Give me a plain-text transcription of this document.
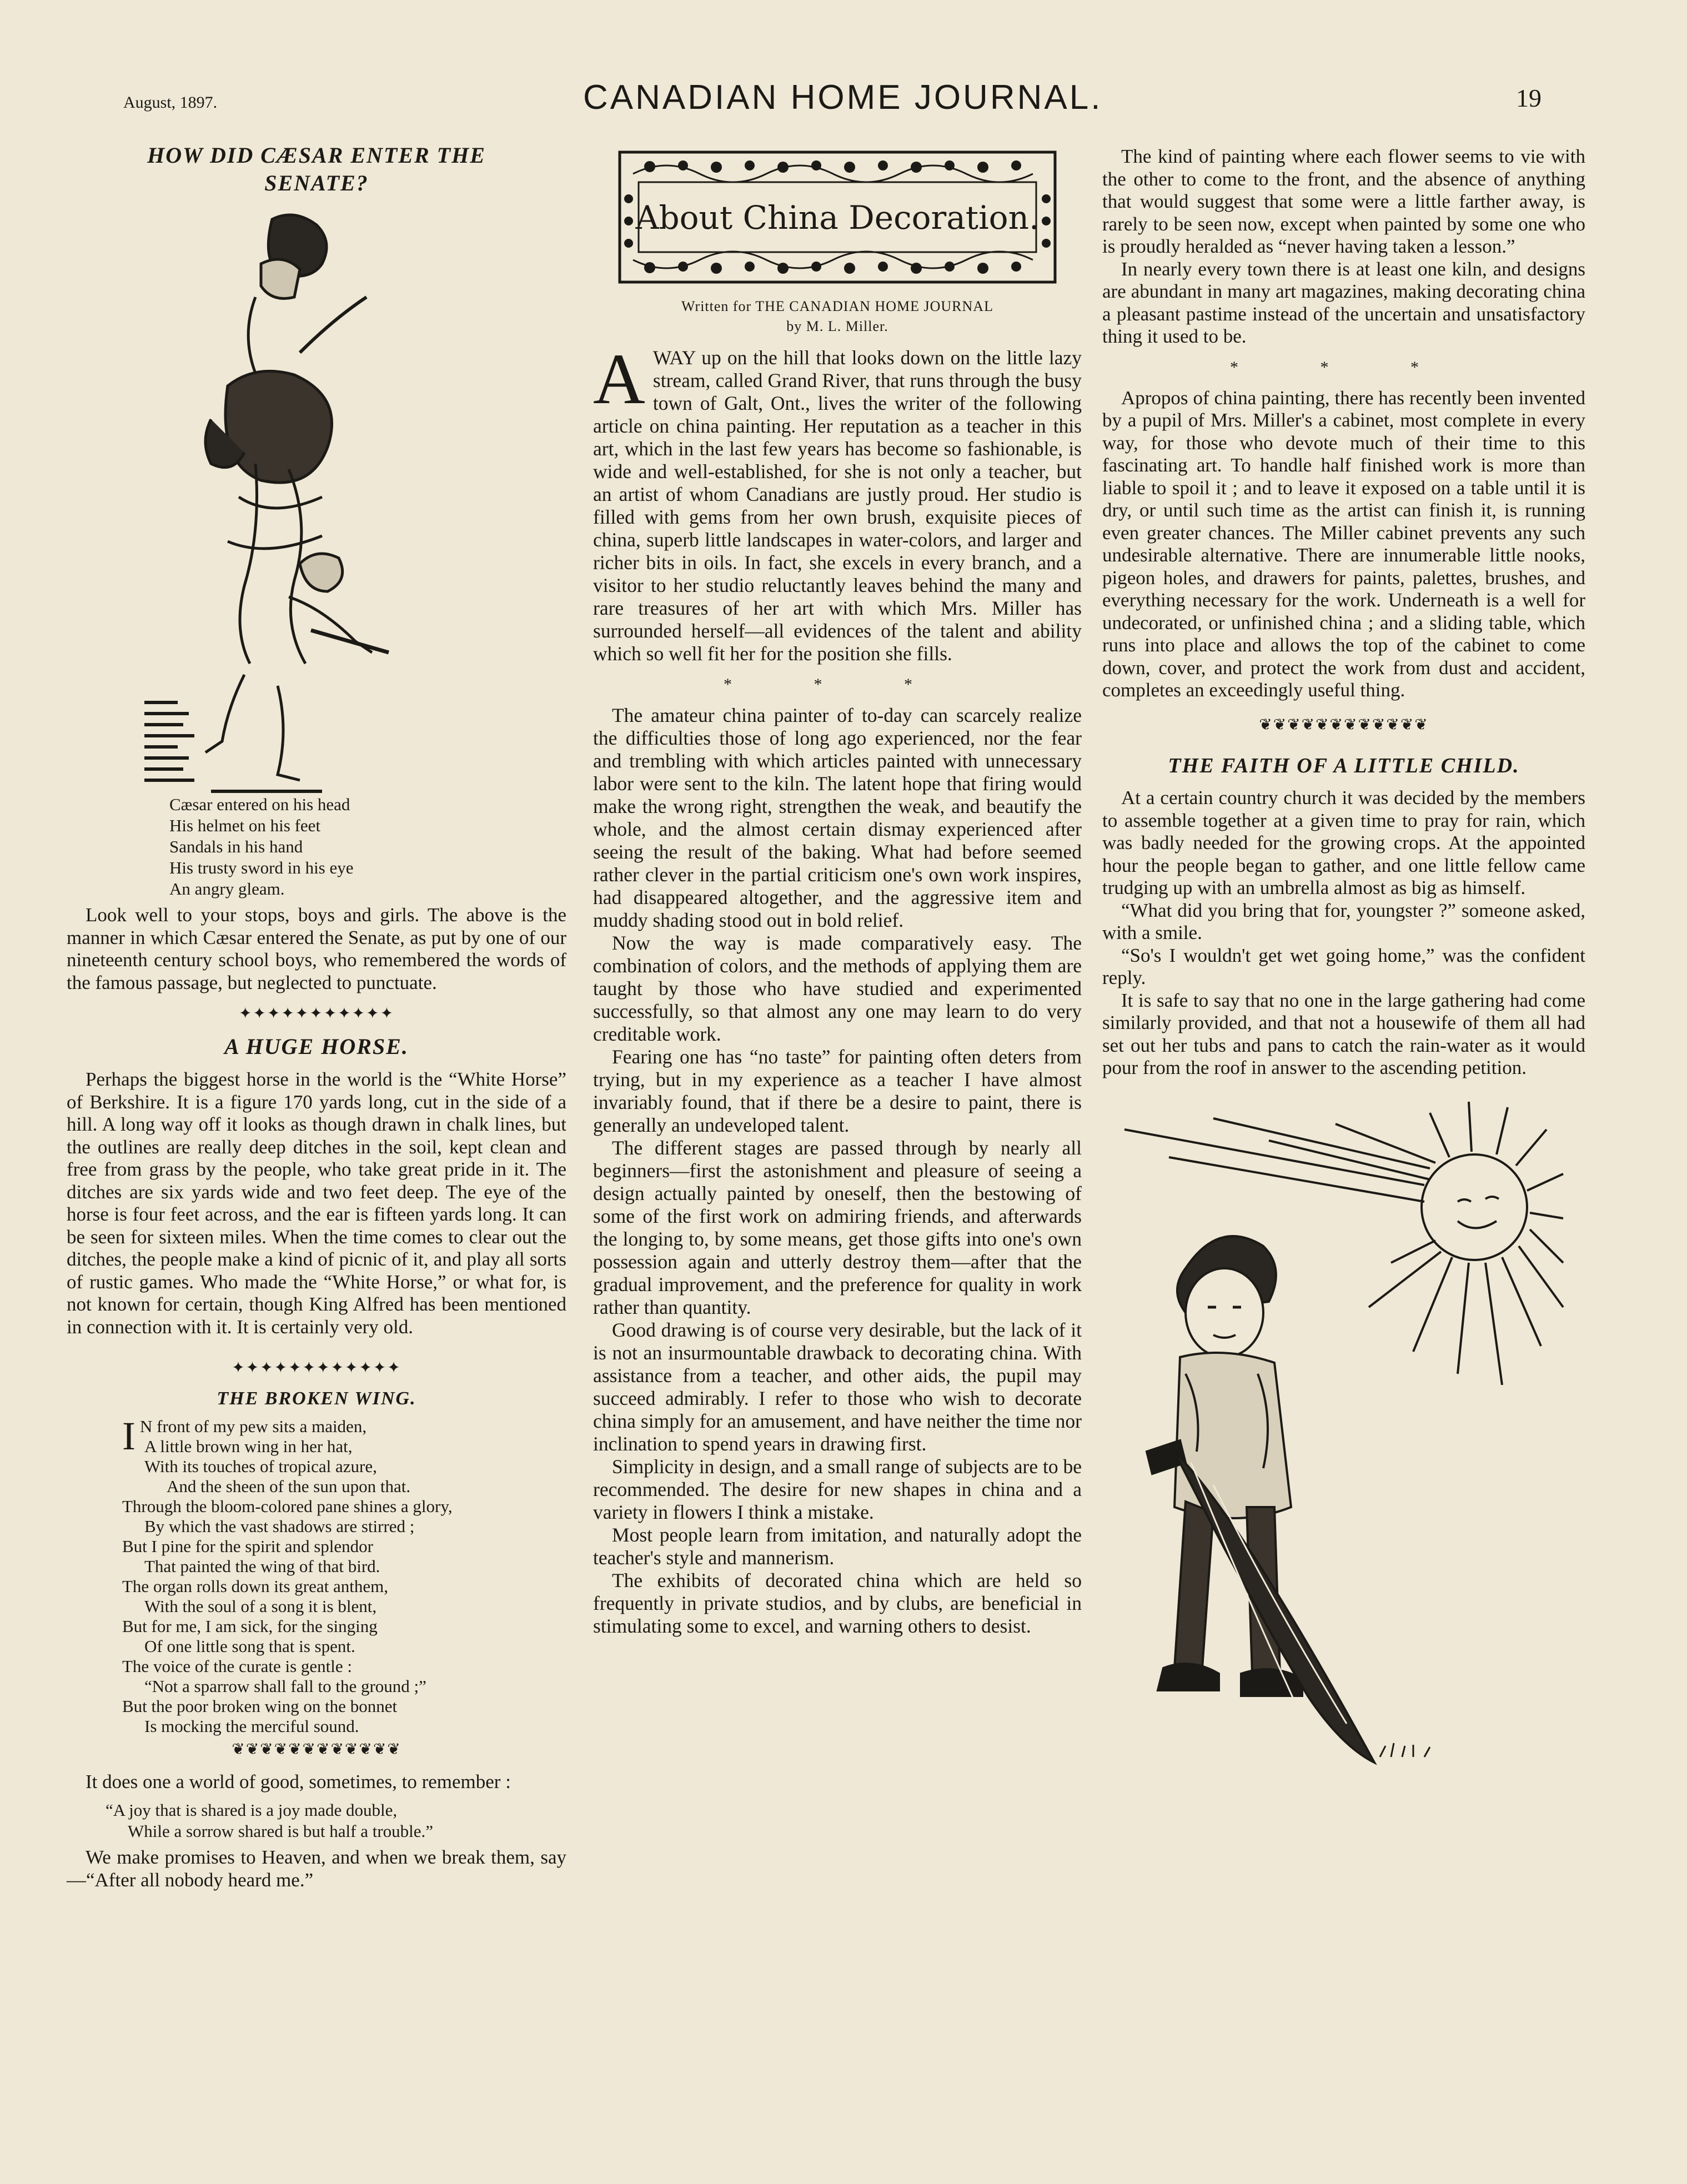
August, 1897.	CANADIAN HOME JOURNAL.	19
HOW DID CÆSAR ENTER THE SENATE?
Cæsar entered on his head
His helmet on his feet
Sandals in his hand
His trusty sword in his eye
An angry gleam.

Look well to your stops, boys and girls. The above is the manner in which Cæsar entered the Senate, as put by one of our nineteenth century school boys, who remembered the words of the famous passage, but neglected to punctuate.

✦✦✦✦✦✦✦✦✦✦✦
A HUGE HORSE.

Perhaps the biggest horse in the world is the “White Horse” of Berkshire. It is a figure 170 yards long, cut in the side of a hill. A long way off it looks as though drawn in chalk lines, but the outlines are really deep ditches in the soil, kept clean and free from grass by the people, who take great pride in it. The ditches are six yards wide and two feet deep. The eye of the horse is four feet across, and the ear is fifteen yards long. It can be seen for sixteen miles. When the time comes to clear out the ditches, the people make a kind of picnic of it, and play all sorts of rustic games. Who made the “White Horse,” or what for, is not known for certain, though King Alfred has been mentioned in connection with it. It is certainly very old.

✦✦✦✦✦✦✦✦✦✦✦✦
THE BROKEN WING.
I N front of my pew sits a maiden,
A little brown wing in her hat,
With its touches of tropical azure,
And the sheen of the sun upon that.
Through the bloom-colored pane shines a glory,
By which the vast shadows are stirred ;
But I pine for the spirit and splendor
That painted the wing of that bird.
The organ rolls down its great anthem,
With the soul of a song it is blent,
But for me, I am sick, for the singing
Of one little song that is spent.
The voice of the curate is gentle :
“Not a sparrow shall fall to the ground ;”
But the poor broken wing on the bonnet
Is mocking the merciful sound.
❦❦❦❦❦❦❦❦❦❦❦❦

It does one a world of good, sometimes, to remember :

“A joy that is shared is a joy made double,
While a sorrow shared is but half a trouble.”

We make promises to Heaven, and when we break them, say—“After all nobody heard me.”

About China Decoration.
Written for THE CANADIAN HOME JOURNAL
by M. L. Miller.

AWAY up on the hill that looks down on the little lazy stream, called Grand River, that runs through the busy town of Galt, Ont., lives the writer of the following article on china painting. Her reputation as a teacher in this art, which in the last few years has become so fashionable, is wide and well-established, for she is not only a teacher, but an artist of whom Canadians are justly proud. Her studio is filled with gems from her own brush, exquisite pieces of china, superb little landscapes in water-colors, and larger and richer bits in oils. In fact, she excels in every branch, and a visitor to her studio reluctantly leaves behind the many and rare treasures of her art with which Mrs. Miller has surrounded herself—all evidences of the talent and ability which so well fit her for the position she fills.

* * *

The amateur china painter of to-day can scarcely realize the difficulties those of long ago experienced, nor the fear and trembling with which articles painted with unnecessary labor were sent to the kiln. The latent hope that firing would make the wrong right, strengthen the weak, and beautify the whole, and the almost certain dismay experienced after seeing the result of the baking. What had before seemed rather clever in the partial criticism one's own work inspires, had disappeared altogether, and the aggressive item and muddy shading stood out in bold relief.

Now the way is made comparatively easy. The combination of colors, and the methods of applying them are taught by those who have studied and experimented successfully, so that almost any one may learn to do very creditable work.

Fearing one has “no taste” for painting often deters from trying, but in my experience as a teacher I have almost invariably found, that if there be a desire to paint, there is generally an undeveloped talent.

The different stages are passed through by nearly all beginners—first the astonishment and pleasure of seeing a design actually painted by oneself, then the bestowing of some of the first work on admiring friends, and afterwards the longing to, by some means, get those gifts into one's own possession again and utterly destroy them—after that the gradual improvement, and the preference for quality in work rather than quantity.

Good drawing is of course very desirable, but the lack of it is not an insurmountable drawback to decorating china. With assistance from a teacher, and other aids, the pupil may succeed admirably. I refer to those who wish to decorate china simply for an amusement, and have neither the time nor inclination to spend years in drawing first.

Simplicity in design, and a small range of subjects are to be recommended. The desire for new shapes in china and a variety in flowers I think a mistake.

Most people learn from imitation, and naturally adopt the teacher's style and mannerism.

The exhibits of decorated china which are held so frequently in private studios, and by clubs, are beneficial in stimulating some to excel, and warning others to desist.

The kind of painting where each flower seems to vie with the other to come to the front, and the absence of anything that would suggest that some were a little farther away, is rarely to be seen now, except when painted by some one who is proudly heralded as “never having taken a lesson.”

In nearly every town there is at least one kiln, and designs are abundant in many art magazines, making decorating china a pleasant pastime instead of the uncertain and unsatisfactory thing it used to be.

* * *

Apropos of china painting, there has recently been invented by a pupil of Mrs. Miller's a cabinet, most complete in every way, for those who devote much of their time to this fascinating art. To handle half finished work is more than liable to spoil it ; and to leave it exposed on a table until it is dry, or until such time as the artist can finish it, is running even greater chances. The Miller cabinet prevents any such undesirable alternative. There are innumerable little nooks, pigeon holes, and drawers for paints, palettes, brushes, and everything necessary for the work. Underneath is a well for undecorated, or unfinished china ; and a sliding table, which runs into place and allows the top of the cabinet to come down, cover, and protect the work from dust and accident, completes an exceedingly useful thing.

❦❦❦❦❦❦❦❦❦❦❦❦
THE FAITH OF A LITTLE CHILD.

At a certain country church it was decided by the members to assemble together at a given time to pray for rain, which was badly needed for the growing crops. At the appointed hour the people began to gather, and one little fellow came trudging up with an umbrella almost as big as himself.

“What did you bring that for, youngster ?” someone asked, with a smile.

“So's I wouldn't get wet going home,” was the confident reply.

It is safe to say that no one in the large gathering had come similarly provided, and that not a housewife of them all had set out her tubs and pans to catch the rain-water as it would pour from the roof in answer to the ascending petition.
